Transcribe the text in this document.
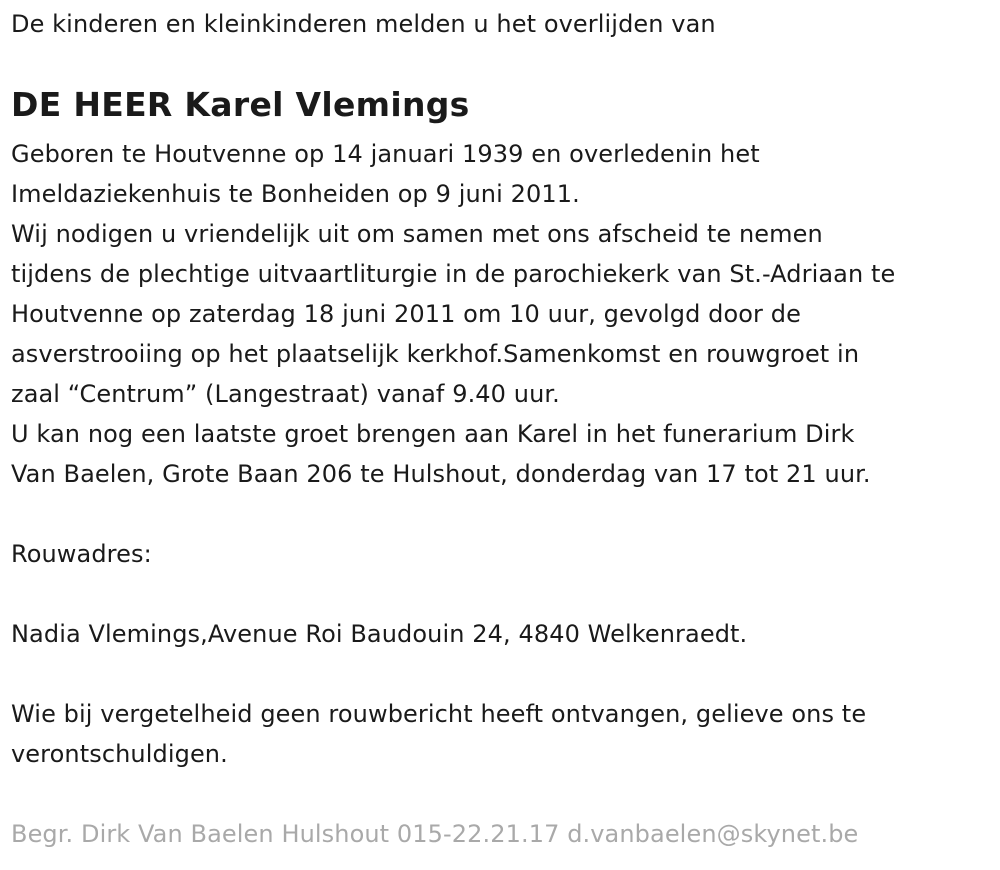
De kinderen en kleinkinderen melden u het overlijden van
DE HEER Karel Vlemings
Geboren te Houtvenne op 14 januari 1939 en overledenin het
Imeldaziekenhuis te Bonheiden op 9 juni 2011.
Wij nodigen u vriendelijk uit om samen met ons afscheid te nemen
tijdens de plechtige uitvaartliturgie in de parochiekerk van St.-Adriaan te
Houtvenne op zaterdag 18 juni 2011 om 10 uur, gevolgd door de
asverstrooiing op het plaatselijk kerkhof.Samenkomst en rouwgroet in
zaal “Centrum” (Langestraat) vanaf 9.40 uur.
U kan nog een laatste groet brengen aan Karel in het funerarium Dirk
Van Baelen, Grote Baan 206 te Hulshout, donderdag van 17 tot 21 uur.
Rouwadres:
Nadia Vlemings,Avenue Roi Baudouin 24, 4840 Welkenraedt.
Wie bij vergetelheid geen rouwbericht heeft ontvangen, gelieve ons te
verontschuldigen.
Begr. Dirk Van Baelen Hulshout 015-22.21.17 d.vanbaelen@skynet.be
